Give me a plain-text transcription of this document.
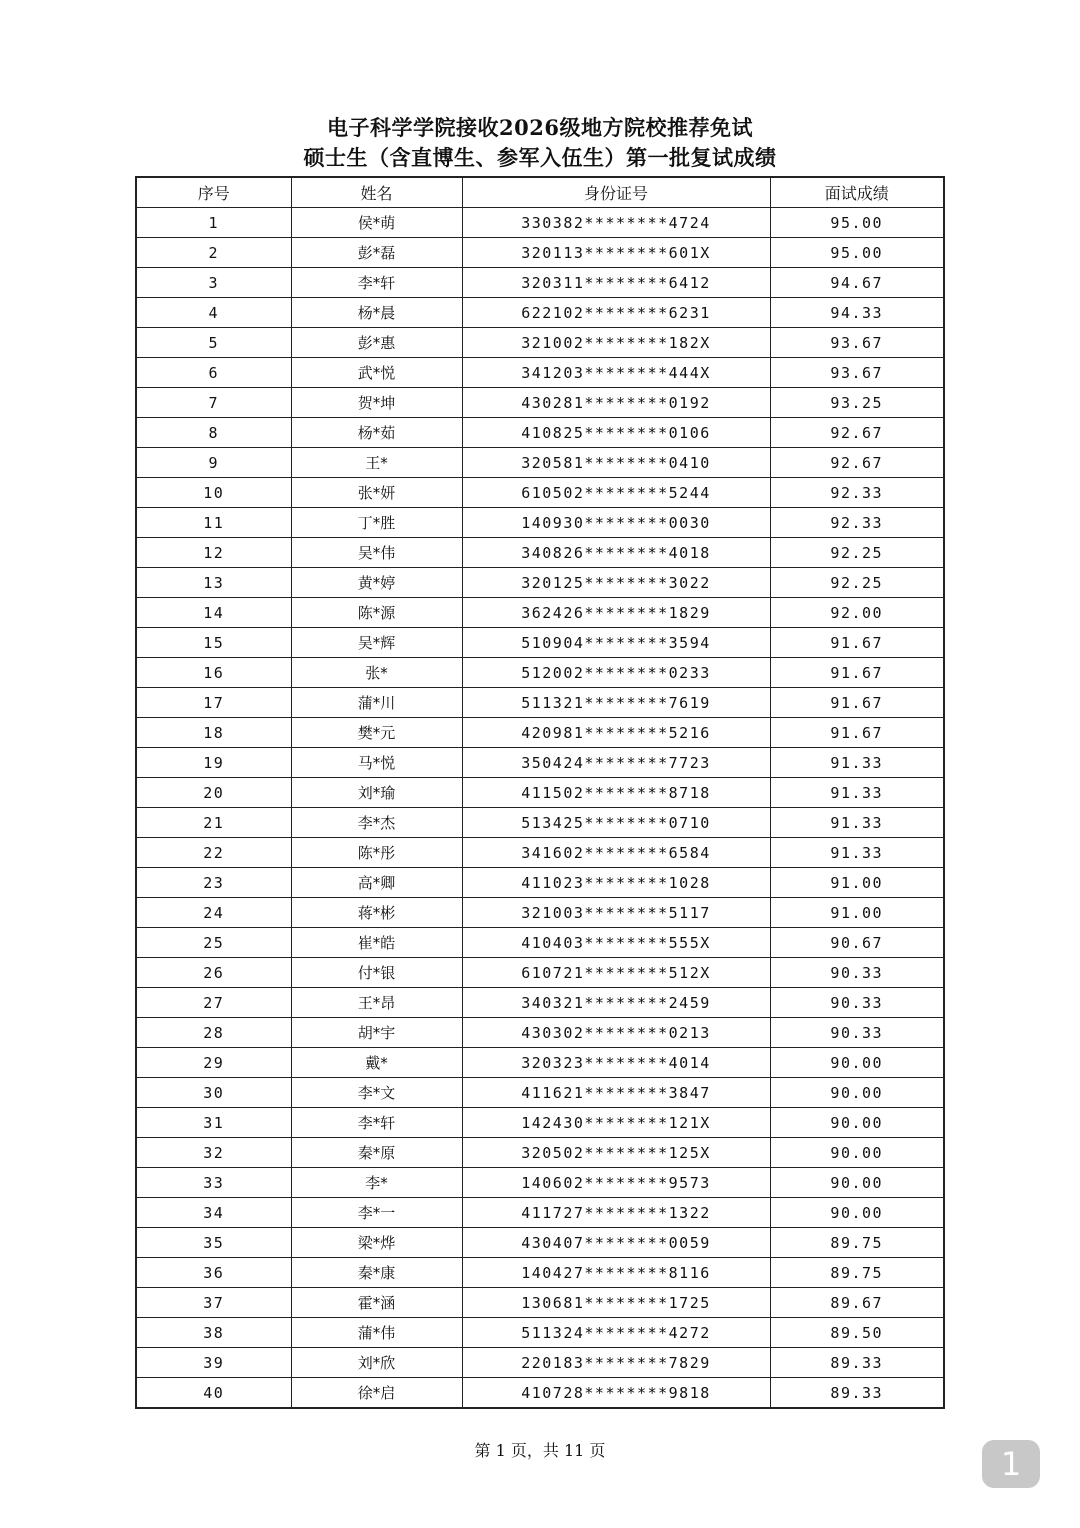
电子科学学院接收2026级地方院校推荐免试
硕士生（含直博生、参军入伍生）第一批复试成绩
序号	姓名	身份证号	面试成绩
1	侯*萌	330382********4724	95.00
2	彭*磊	320113********601X	95.00
3	李*轩	320311********6412	94.67
4	杨*晨	622102********6231	94.33
5	彭*惠	321002********182X	93.67
6	武*悦	341203********444X	93.67
7	贺*坤	430281********0192	93.25
8	杨*茹	410825********0106	92.67
9	王*	320581********0410	92.67
10	张*妍	610502********5244	92.33
11	丁*胜	140930********0030	92.33
12	吴*伟	340826********4018	92.25
13	黄*婷	320125********3022	92.25
14	陈*源	362426********1829	92.00
15	吴*辉	510904********3594	91.67
16	张*	512002********0233	91.67
17	蒲*川	511321********7619	91.67
18	樊*元	420981********5216	91.67
19	马*悦	350424********7723	91.33
20	刘*瑜	411502********8718	91.33
21	李*杰	513425********0710	91.33
22	陈*彤	341602********6584	91.33
23	高*卿	411023********1028	91.00
24	蒋*彬	321003********5117	91.00
25	崔*皓	410403********555X	90.67
26	付*银	610721********512X	90.33
27	王*昂	340321********2459	90.33
28	胡*宇	430302********0213	90.33
29	戴*	320323********4014	90.00
30	李*文	411621********3847	90.00
31	李*轩	142430********121X	90.00
32	秦*原	320502********125X	90.00
33	李*	140602********9573	90.00
34	李*一	411727********1322	90.00
35	梁*烨	430407********0059	89.75
36	秦*康	140427********8116	89.75
37	霍*涵	130681********1725	89.67
38	蒲*伟	511324********4272	89.50
39	刘*欣	220183********7829	89.33
40	徐*启	410728********9818	89.33
第 1 页，共 11 页	1
